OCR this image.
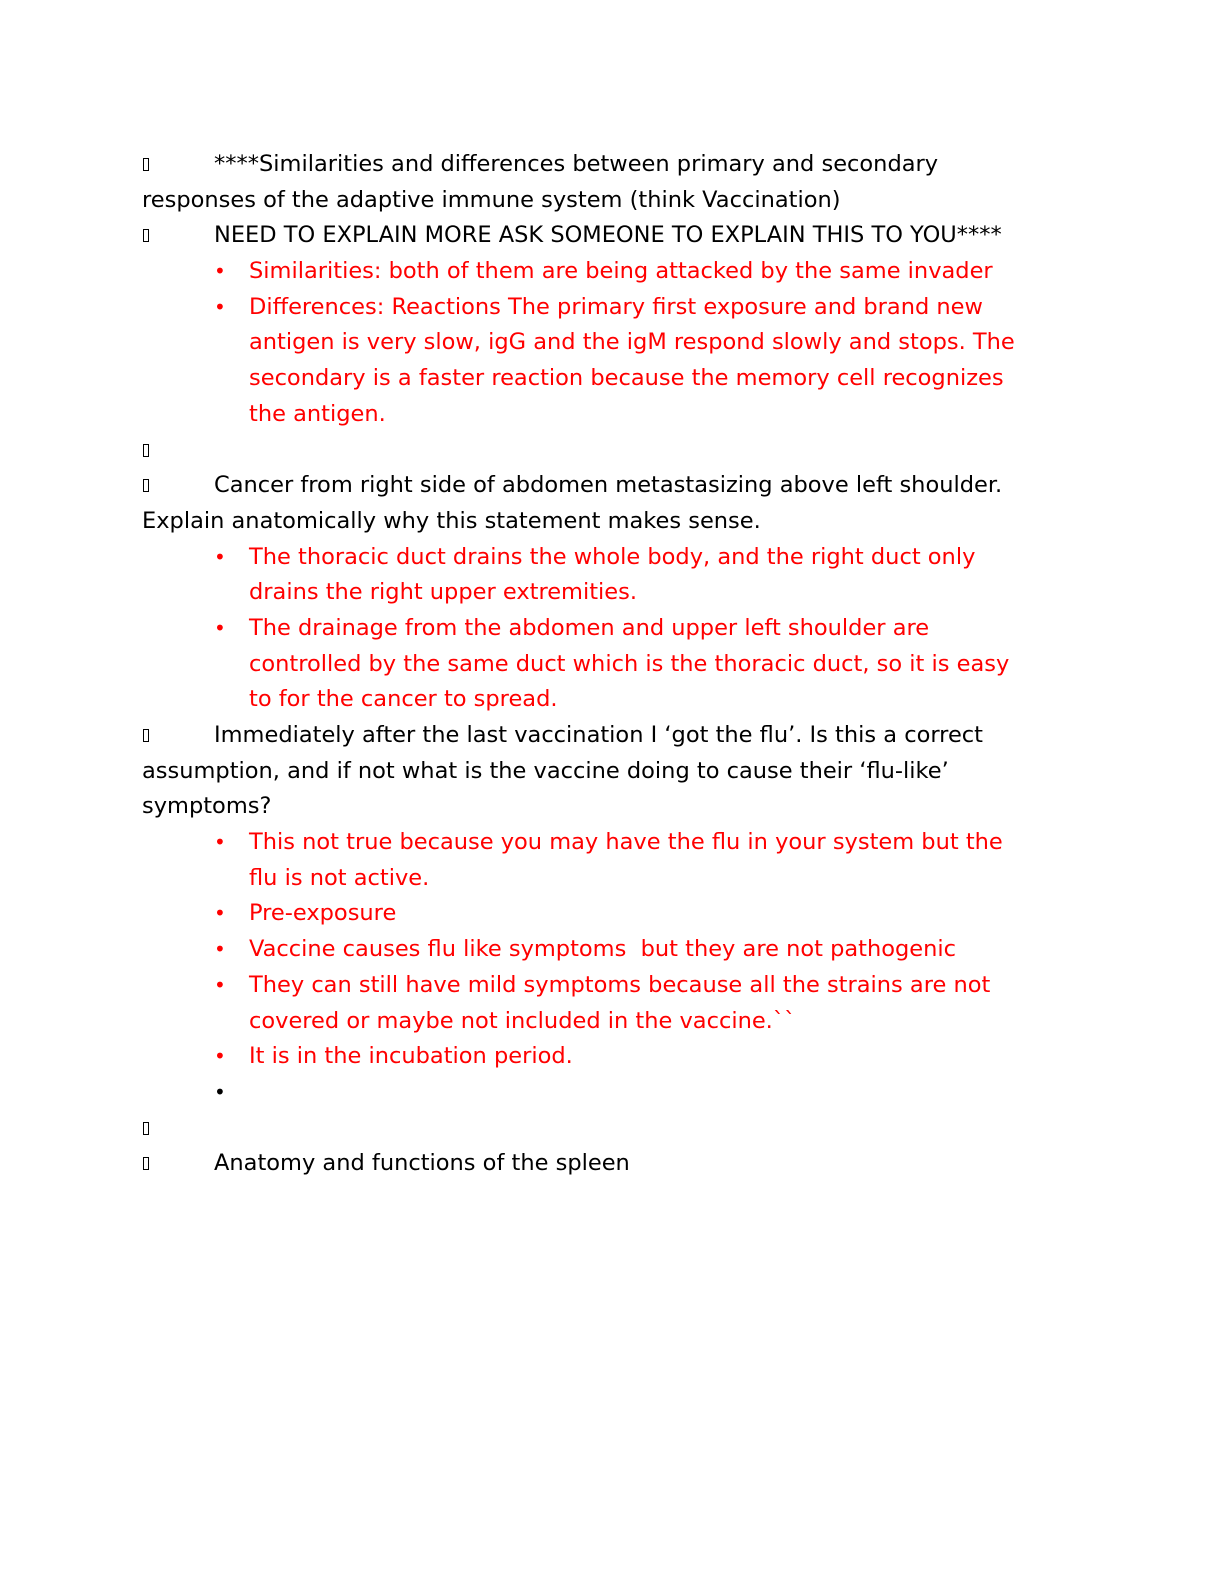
****Similarities and differences between primary and secondary
responses of the adaptive immune system (think Vaccination)
NEED TO EXPLAIN MORE ASK SOMEONE TO EXPLAIN THIS TO YOU****
• Similarities: both of them are being attacked by the same invader
• Differences: Reactions The primary first exposure and brand new
antigen is very slow, igG and the igM respond slowly and stops. The
secondary is a faster reaction because the memory cell recognizes
the antigen.
Cancer from right side of abdomen metastasizing above left shoulder.
Explain anatomically why this statement makes sense.
• The thoracic duct drains the whole body, and the right duct only
drains the right upper extremities.
• The drainage from the abdomen and upper left shoulder are
controlled by the same duct which is the thoracic duct, so it is easy
to for the cancer to spread.
Immediately after the last vaccination I ‘got the flu’. Is this a correct
assumption, and if not what is the vaccine doing to cause their ‘flu-like’
symptoms?
• This not true because you may have the flu in your system but the
flu is not active.
• Pre-exposure
• Vaccine causes flu like symptoms  but they are not pathogenic
• They can still have mild symptoms because all the strains are not
covered or maybe not included in the vaccine.``
• It is in the incubation period.
•
Anatomy and functions of the spleen
